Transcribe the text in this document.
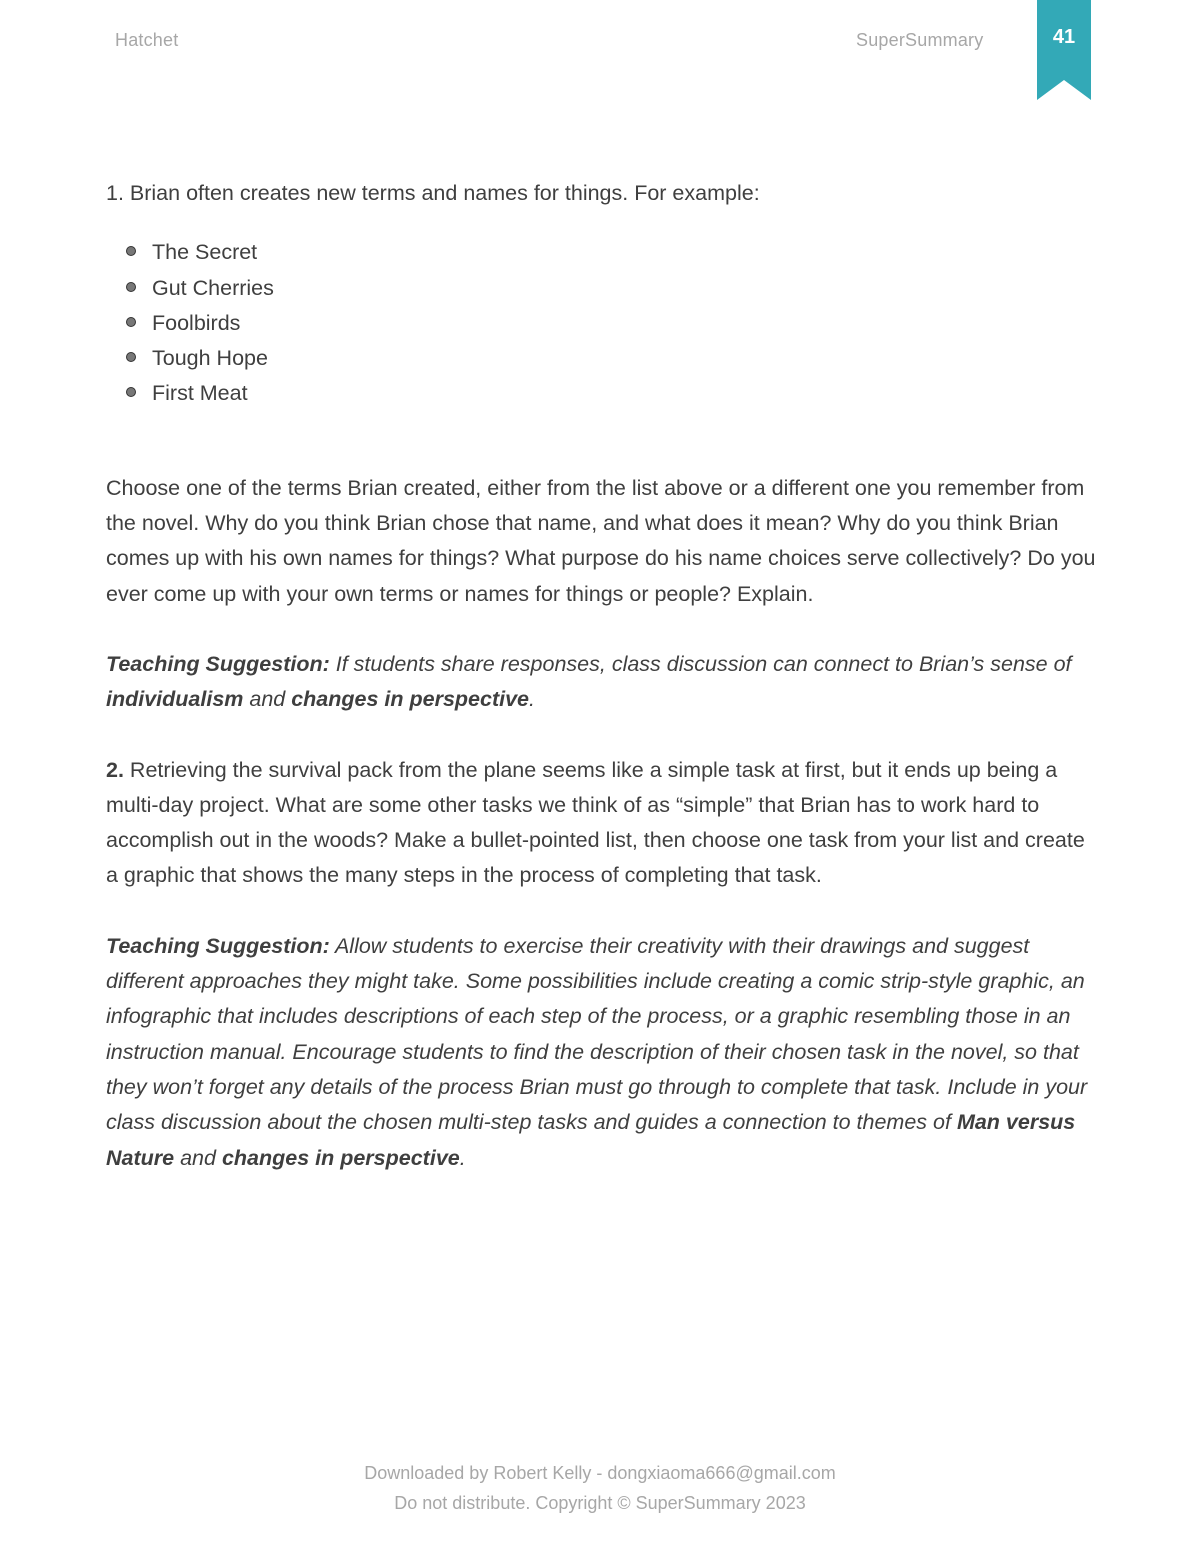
Hatchet	SuperSummary	41

1. Brian often creates new terms and names for things. For example:

The Secret
Gut Cherries
Foolbirds
Tough Hope
First Meat

Choose one of the terms Brian created, either from the list above or a different one you remember from the novel. Why do you think Brian chose that name, and what does it mean? Why do you think Brian comes up with his own names for things? What purpose do his name choices serve collectively? Do you ever come up with your own terms or names for things or people? Explain.

Teaching Suggestion: If students share responses, class discussion can connect to Brian’s sense of individualism and changes in perspective.

2. Retrieving the survival pack from the plane seems like a simple task at first, but it ends up being a multi-day project. What are some other tasks we think of as “simple” that Brian has to work hard to accomplish out in the woods? Make a bullet-pointed list, then choose one task from your list and create a graphic that shows the many steps in the process of completing that task.

Teaching Suggestion: Allow students to exercise their creativity with their drawings and suggest different approaches they might take. Some possibilities include creating a comic strip-style graphic, an infographic that includes descriptions of each step of the process, or a graphic resembling those in an instruction manual. Encourage students to find the description of their chosen task in the novel, so that they won’t forget any details of the process Brian must go through to complete that task. Include in your class discussion about the chosen multi-step tasks and guides a connection to themes of Man versus Nature and changes in perspective.

Downloaded by Robert Kelly - dongxiaoma666@gmail.com
Do not distribute. Copyright © SuperSummary 2023
